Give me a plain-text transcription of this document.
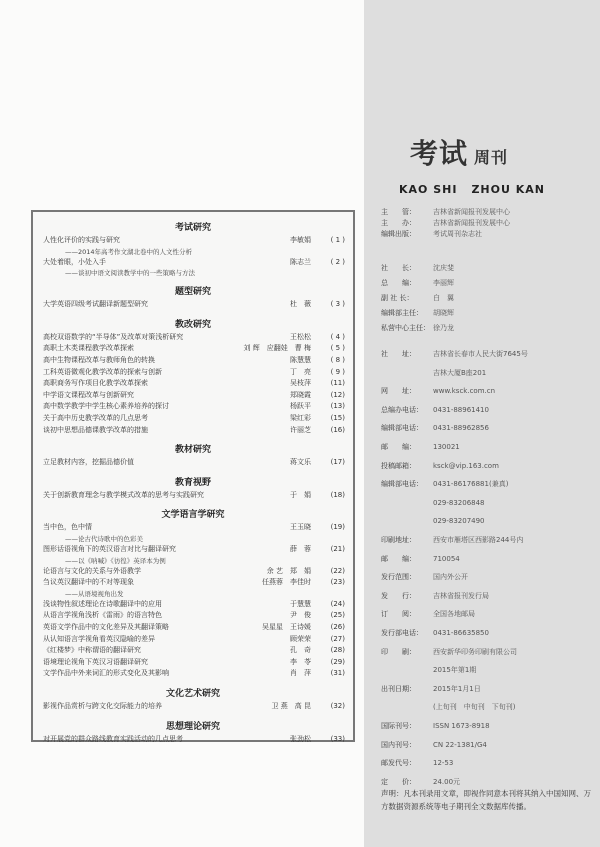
考试 周刊
KAO SHI ZHOU KAN
主　　管：	吉林省新闻报刊发展中心
主　　办：	吉林省新闻报刊发展中心
编辑出版：	考试周刊杂志社
社　　长：	沈庆斐
总　　编：	李丽辉
副 社 长：	白　翼
编辑部主任：	胡晓辉
私营中心主任： 徐乃龙
社　　址：	吉林省长春市人民大街7645号
吉林大厦B座201
网　　址：	www.ksck.com.cn
总编办电话：	0431-88961410
编辑部电话：	0431-88962856
邮　　编：	130021
投稿邮箱：	ksck@vip.163.com
编辑部电话：	0431-86176881(兼真)
029-83206848
029-83207490
印刷地址：	西安市雁塔区西影路244号内
邮　　编：	710054
发行范围：	国内外公开
发　　行：	吉林省报刊发行局
订　　阅：	全国各地邮局
发行部电话：	0431-86635850
印　　刷：	西安新华印务印刷有限公司
2015年第1期
出刊日期：	2015年1月1日
(上旬刊　中旬刊　下旬刊)
国际刊号：	ISSN 1673-8918
国内刊号：	CN 22-1381/G4
邮发代号：	12-53
定　　价：	24.00元
声明：凡本刊录用文章，即视作同意本刊将其纳入中国知网、万方数据资源系统等电子期刊全文数据库传播。
考试研究
人性化评价的实践与研究	李敏娟	( 1 )
——2014年高考作文湖北卷中的人文性分析
大处着眼，小处入手	陈志兰	( 2 )
——谈初中语文阅读教学中的一些策略与方法
题型研究
大学英语四级考试翻译新题型研究	杜　薇	( 3 )
教改研究
高校双语数学的“半导体”及改革对策浅析研究	王松松	( 4 )
高职土木类课程教学改革探索	刘 辉　应翻娃　曹 梅	( 5 )
高中生物课程改革与教师角色的转换	陈慧慧	( 8 )
工科英语微观化教学改革的探索与创新	丁　亮	( 9 )
高职商务写作项目化教学改革探索	吴枝萍	(11)
中学语文课程改革与创新研究	郑晓霞	(12)
高中数学教学中学生核心素养培养的探讨	杨跃平	(13)
关于高中历史教学改革的几点思考	梁红彩	(15)
谈初中思想品德课教学改革的措施	许丽芝	(16)
教材研究
立足教材内容，挖掘品德价值	蒋文乐	(17)
教育视野
关于创新教育理念与教学模式改革的思考与实践研究	于　娟	(18)
文学语言学研究
当中色，色中情	王玉晓	(19)
——论古代诗歌中的色彩美
图形话语视角下的英汉语言对比与翻译研究	薛　蓉	(21)
——以《呐喊》《彷徨》英译本为例
论语言与文化的关系与外语教学	余 艺　郑　娟	(22)
刍议英汉翻译中的不对等现象	任燕蓉　李佳时	(23)
——从语境视角出发
浅谈物性叙述理论在诗歌翻译中的应用	于慧慧	(24)
从语言学视角浅析《雷雨》的语言特色	尹　俊	(25)
英语文学作品中的文化差异及其翻译策略	吴星星　王诗媛	(26)
从认知语言学视角看英汉隐喻的差异	顾荣荣	(27)
《红楼梦》中称谓语的翻译研究	孔　奇	(28)
语境理论视角下英汉习语翻译研究	李　苓	(29)
文学作品中外来词汇的形式变化及其影响	肖　萍	(31)
文化艺术研究
影视作品赏析与跨文化交际能力的培养	卫 燕　高 昆	(32)
思想理论研究
对开展党的群众路线教育实践活动的几点思考	张劲松	(33)
